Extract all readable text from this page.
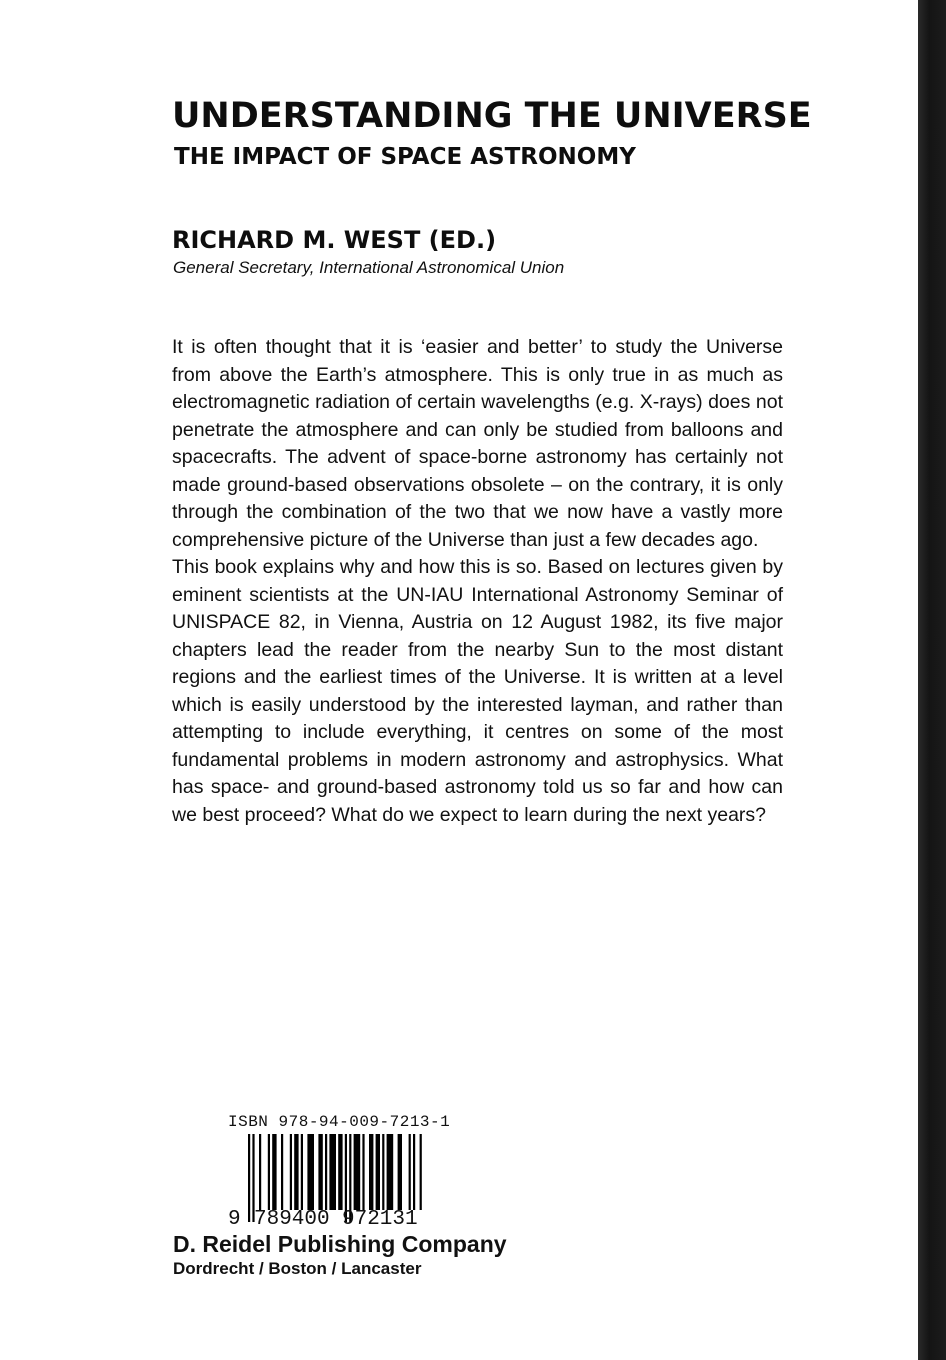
UNDERSTANDING THE UNIVERSE
THE IMPACT OF SPACE ASTRONOMY
RICHARD M. WEST (ED.)
General Secretary, International Astronomical Union

It is often thought that it is ‘easier and better’ to study the Universe from above the Earth’s atmosphere. This is only true in as much as electromagnetic radiation of certain wavelengths (e.g. X-rays) does not penetrate the atmosphere and can only be studied from balloons and spacecrafts. The advent of space-borne astronomy has certainly not made ground-based observations obsolete – on the contrary, it is only through the combination of the two that we now have a vastly more comprehensive picture of the Universe than just a few decades ago.

This book explains why and how this is so. Based on lectures given by eminent scientists at the UN-IAU International Astronomy Seminar of UNISPACE 82, in Vienna, Austria on 12 August 1982, its five major chapters lead the reader from the nearby Sun to the most distant regions and the earliest times of the Universe. It is written at a level which is easily understood by the interested layman, and rather than attempting to include everything, it centres on some of the most fundamental problems in modern astronomy and astrophysics. What has space- and ground-based astronomy told us so far and how can we best proceed? What do we expect to learn during the next years?

ISBN 978-94-009-7213-1
9 789400 972131
D. Reidel Publishing Company
Dordrecht / Boston / Lancaster
